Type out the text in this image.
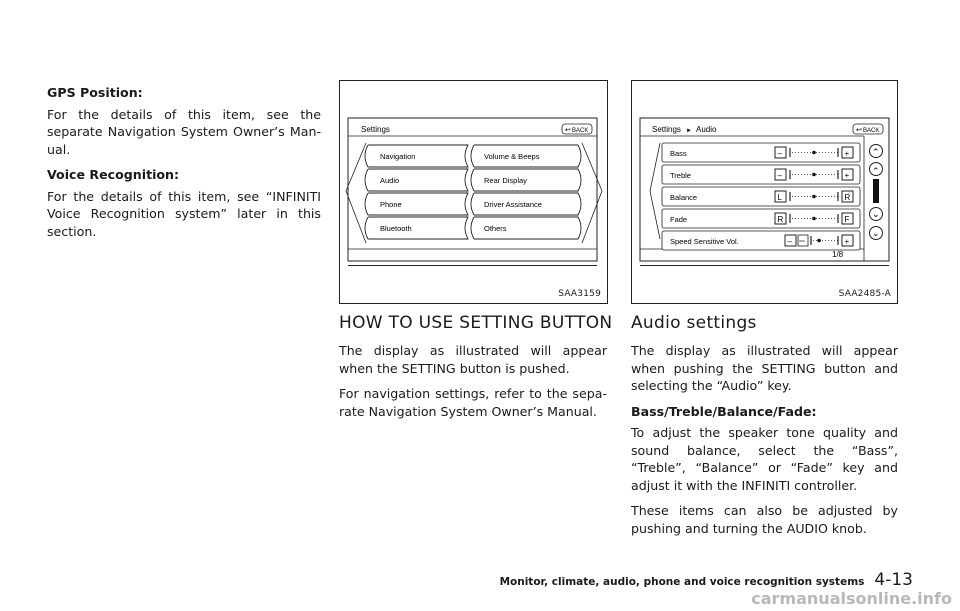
GPS Position:

For the details of this item, see the separate Navigation System Owner’s Man-ual.

Voice Recognition:

For the details of this item, see “INFINITI Voice Recognition system” later in this section.

Settings	↩ BACK
Navigation
Audio
Phone
Bluetooth
Volume & Beeps
Rear Display
Driver Assistance
Others
SAA3159
Settings ► Audio	↩ BACK
Bass	–	+
Treble	–	+
Balance	L	R
Fade	R	F
Speed Sensitive Vol.	– OFF	+
1/8
⌃
⌃
⌄
⌄
SAA2485-A
HOW TO USE SETTING BUTTON Audio settings

The display as illustrated will appear when the SETTING button is pushed.

For navigation settings, refer to the sepa-rate Navigation System Owner’s Manual.

The display as illustrated will appear when pushing the SETTING button and selecting the “Audio” key.

Bass/Treble/Balance/Fade:

To adjust the speaker tone quality and sound balance, select the “Bass”, “Treble”, “Balance” or “Fade” key and adjust it with the INFINITI controller.

These items can also be adjusted by pushing and turning the AUDIO knob.

Monitor, climate, audio, phone and voice recognition systems 4-13
carmanualsonline.info
